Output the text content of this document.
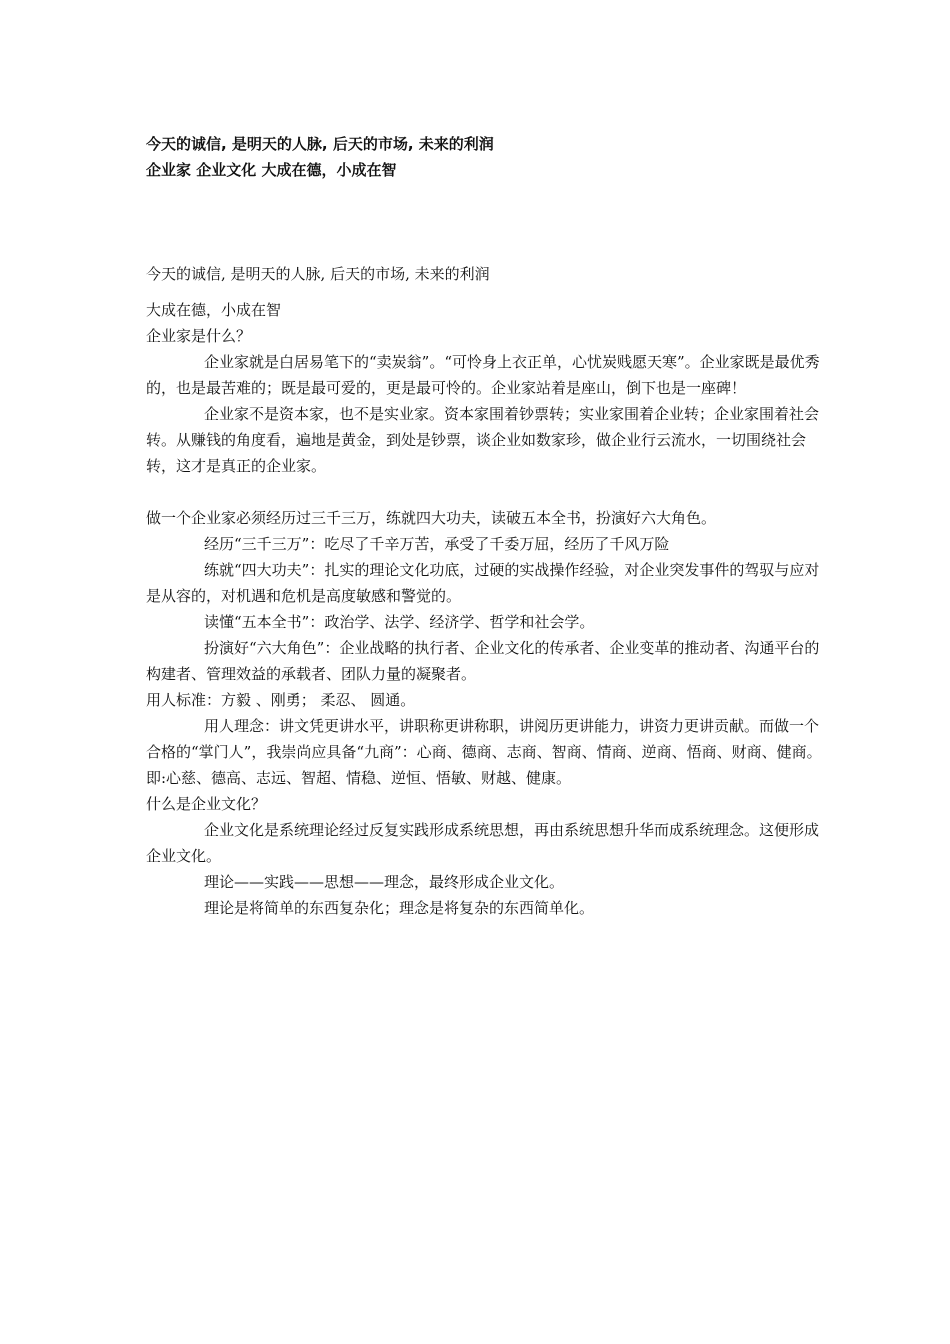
今天的诚信, 是明天的人脉, 后天的市场, 未来的利润
企业家 企业文化 大成在德，小成在智

今天的诚信, 是明天的人脉, 后天的市场, 未来的利润

大成在德，小成在智

企业家是什么？

企业家就是白居易笔下的“卖炭翁”。“可怜身上衣正单，心忧炭贱愿天寒”。企业家既是最优秀的，也是最苦难的；既是最可爱的，更是最可怜的。企业家站着是座山，倒下也是一座碑！

企业家不是资本家，也不是实业家。资本家围着钞票转；实业家围着企业转；企业家围着社会转。从赚钱的角度看，遍地是黄金，到处是钞票，谈企业如数家珍，做企业行云流水，一切围绕社会转，这才是真正的企业家。

做一个企业家必须经历过三千三万，练就四大功夫，读破五本全书，扮演好六大角色。

经历“三千三万”：吃尽了千辛万苦，承受了千委万屈，经历了千风万险

练就“四大功夫”：扎实的理论文化功底，过硬的实战操作经验，对企业突发事件的驾驭与应对是从容的，对机遇和危机是高度敏感和警觉的。

读懂“五本全书”：政治学、法学、经济学、哲学和社会学。

扮演好“六大角色”：企业战略的执行者、企业文化的传承者、企业变革的推动者、沟通平台的构建者、管理效益的承载者、团队力量的凝聚者。

用人标准：方毅 、刚勇； 柔忍、 圆通。

用人理念：讲文凭更讲水平，讲职称更讲称职，讲阅历更讲能力，讲资力更讲贡献。而做一个合格的“掌门人”，我崇尚应具备“九商”：心商、德商、志商、智商、情商、逆商、悟商、财商、健商。即:心慈、德高、志远、智超、情稳、逆恒、悟敏、财越、健康。

什么是企业文化？

企业文化是系统理论经过反复实践形成系统思想，再由系统思想升华而成系统理念。这便形成企业文化。

理论——实践——思想——理念，最终形成企业文化。

理论是将简单的东西复杂化；理念是将复杂的东西简单化。
